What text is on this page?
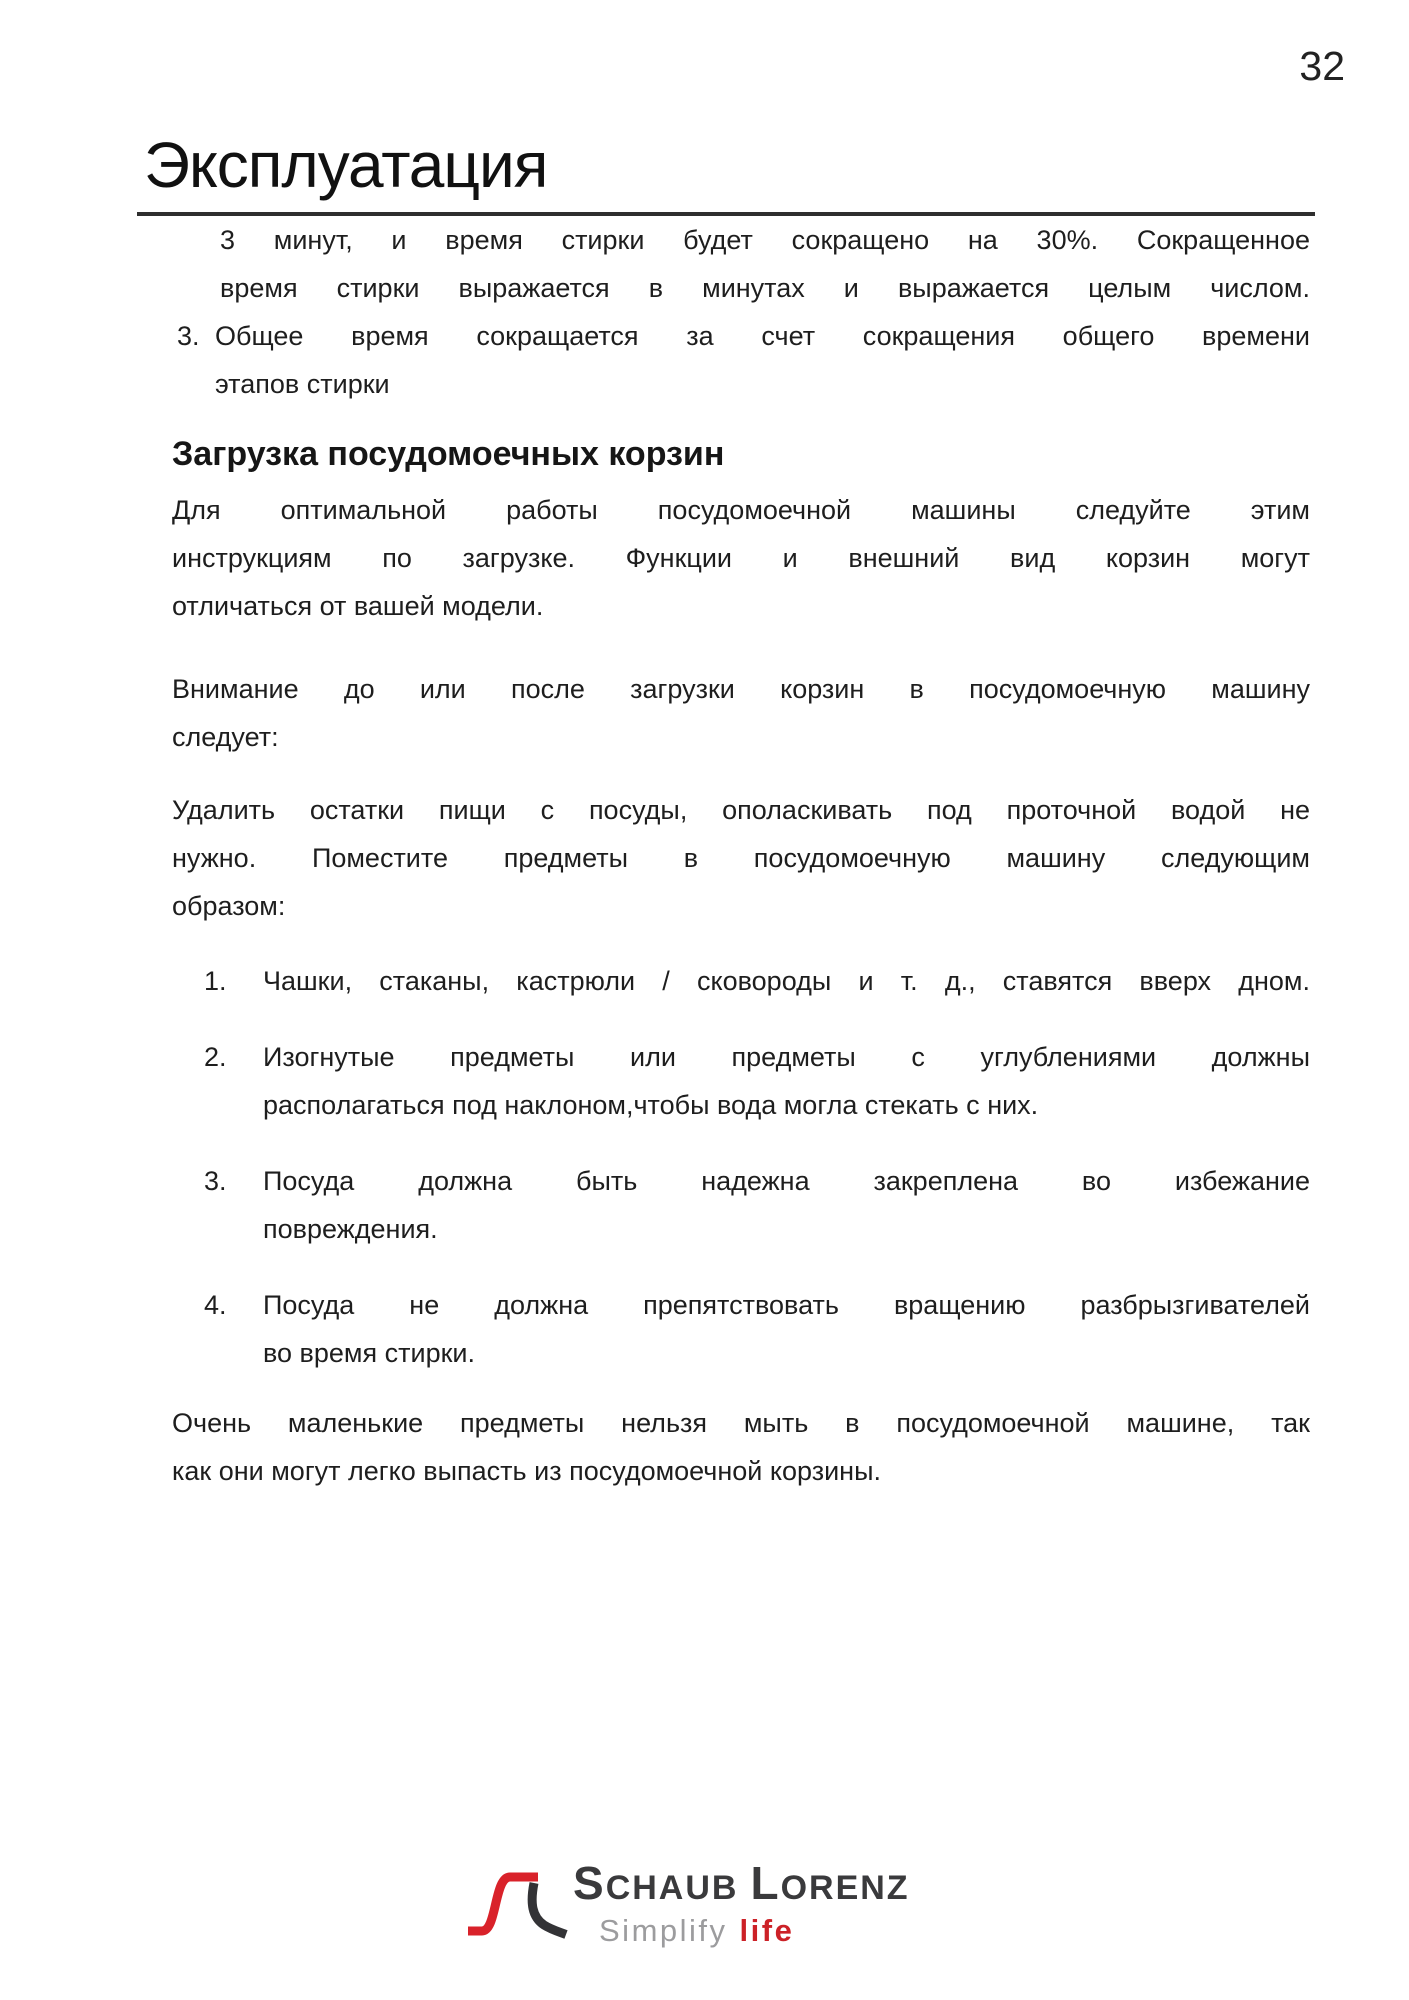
32
Эксплуатация
3 минут, и время стирки будет сокращено на 30%. Сокращенное
время стирки выражается в минутах и выражается целым числом.
3. Общее время сокращается за счет сокращения общего времени
этапов стирки
Загрузка посудомоечных корзин
Для оптимальной работы посудомоечной машины следуйте этим
инструкциям по загрузке. Функции и внешний вид корзин могут
отличаться от вашей модели.
Внимание до или после загрузки корзин в посудомоечную машину
следует:
Удалить остатки пищи с посуды, ополаскивать под проточной водой не
нужно. Поместите предметы в посудомоечную машину следующим
образом:
1.	Чашки, стаканы, кастрюли / сковороды и т. д., ставятся вверх дном.
2.	Изогнутые предметы или предметы с углублениями должны
располагаться под наклоном,чтобы вода могла стекать с них.
3.	Посуда должна быть надежна закреплена во избежание
повреждения.
4.	Посуда не должна препятствовать вращению разбрызгивателей
во время стирки.
Очень маленькие предметы нельзя мыть в посудомоечной машине, так
как они могут легко выпасть из посудомоечной корзины.
SCHAUB LORENZ
Simplify life
